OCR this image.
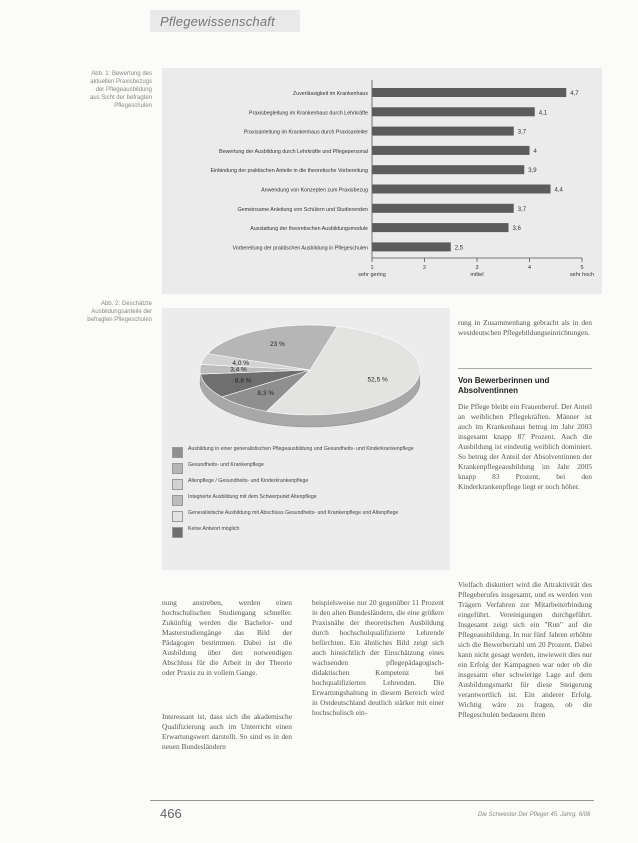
Pflegewissenschaft
Abb. 1: Bewertung des aktuellen Praxisbezugs der Pflegeausbildung aus Sicht der befragten Pflegeschulen
Zuverlässigkeit im Krankenhaus	4,7
Praxisbegleitung im Krankenhaus durch Lehrkräfte	4,1
Praxisanleitung im Krankenhaus durch Praxisanleiter	3,7
Bewertung der Ausbildung durch Lehrkräfte und Pflegepersonal	4
Einbindung der praktischen Anteile in die theoretische Vorbereitung	3,9
Anwendung von Konzepten zum Praxisbezug	4,4
Gemeinsame Anleitung von Schülern und Studierenden	3,7
Ausstattung der theoretischen Ausbildungsmodule	3,6
Vorbereitung der praktischen Ausbildung in Pflegeschulen	2,5
1
sehr gering
2	3
mittel
4	5
sehr hoch
Abb. 2: Geschätzte Ausbildungsanteile der befragten Pflegeschulen
52,5 %
8,3 %
8,8 %
3,4 %
4,0 %
23 %
Ausbildung in einer generalistischen Pflegeausbildung und Gesundheits- und Kinderkrankenpflege
Gesundheits- und Krankenpflege
Altenpflege / Gesundheits- und Kinderkrankenpflege
Integrierte Ausbildung mit dem Schwerpunkt Altenpflege
Generalistische Ausbildung mit Abschluss Gesundheits- und Krankenpflege und Altenpflege
Keine Antwort möglich
rung in Zusammenhang gebracht als in den westdeutschen Pflegebildungseinrichtungen.
Von Bewerberinnen und Absolventinnen
Die Pflege bleibt ein Frauenberuf. Der Anteil an weiblichen Pflegekräften. Männer ist auch im Krankenhaus betrug im Jahr 2003 insgesamt knapp 87 Prozent. Auch die Ausbildung ist eindeutig weiblich dominiert. So betrug der Anteil der Absolventinnen der Krankenpflegeausbildung im Jahr 2005 knapp 83 Prozent, bei den Kinderkrankenpflege liegt er noch höher.
Vielfach diskutiert wird die Attraktivität des Pflegeberufes insgesamt, und es werden von Trägern Verfahren zur Mitarbeiterbindung eingeführt. Vereinigungen durchgeführt. Insgesamt zeigt sich ein "Run" auf die Pflegeausbildung. In nur fünf Jahren erhöhte sich die Bewerberzahl um 20 Prozent. Dabei kann nicht gesagt werden, inwieweit dies nur ein Erfolg der Kampagnen war oder ob die insgesamt eher schwierige Lage auf dem Ausbildungsmarkt für diese Steigerung verantwortlich ist. Ein anderer Erfolg. Wichtig wäre zu fragen, ob die Pflegeschulen bedauern ihren
nung anstreben, werden einen hochschulischen Studiengang schneller. Zukünftig werden die Bachelor- und Masterstudiengänge das Bild der Pädagogen bestimmen. Dabei ist die Ausbildung über den notwendigen Abschluss für die Arbeit in der Theorie oder Praxis zu in vollem Gange.
Interessant ist, dass sich die akademische Qualifizierung auch im Unterricht einen Erwartungswert darstellt. So sind es in den neuen Bundesländern
beispielsweise nur 20 gegenüber 11 Prozent in den alten Bundesländern, die eine größere Praxisnähe der theoretischen Ausbildung durch hochschulqualifizierte Lehrende befürchten. Ein ähnliches Bild zeigt sich auch hinsichtlich der Einschätzung eines wachsenden pflegepädagogisch-didaktischen Kompetenz bei hochqualifizierten Lehrenden. Die Erwartungshaltung in diesem Bereich wird in Ostdeutschland deutlich stärker mit einer hochschulisch ein-
466	Die Schwester Der Pfleger 45. Jahrg. 6/06
